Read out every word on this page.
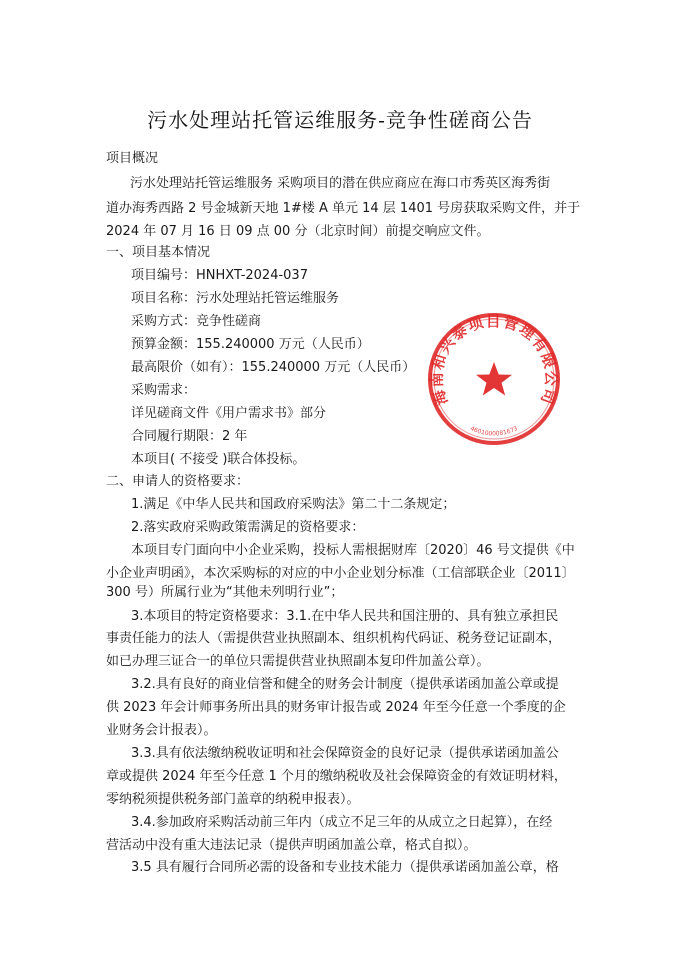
污水处理站托管运维服务-竞争性磋商公告
项目概况
污水处理站托管运维服务 采购项目的潜在供应商应在海口市秀英区海秀街
道办海秀西路 2 号金城新天地 1#楼 A 单元 14 层 1401 号房获取采购文件，并于
2024 年 07 月 16 日 09 点 00 分（北京时间）前提交响应文件。
一、项目基本情况
项目编号：HNHXT-2024-037
项目名称：污水处理站托管运维服务
采购方式：竞争性磋商
预算金额：155.240000 万元（人民币）
最高限价（如有）：155.240000 万元（人民币）
采购需求：
详见磋商文件《用户需求书》部分
合同履行期限：2 年
本项目( 不接受 )联合体投标。
二、申请人的资格要求：
1.满足《中华人民共和国政府采购法》第二十二条规定；
2.落实政府采购政策需满足的资格要求：
本项目专门面向中小企业采购，投标人需根据财库〔2020〕46 号文提供《中
小企业声明函》，本次采购标的对应的中小企业划分标准（工信部联企业〔2011〕
300 号）所属行业为“其他未列明行业”；
3.本项目的特定资格要求：3.1.在中华人民共和国注册的、具有独立承担民
事责任能力的法人（需提供营业执照副本、组织机构代码证、税务登记证副本，
如已办理三证合一的单位只需提供营业执照副本复印件加盖公章）。
3.2.具有良好的商业信誉和健全的财务会计制度（提供承诺函加盖公章或提
供 2023 年会计师事务所出具的财务审计报告或 2024 年至今任意一个季度的企
业财务会计报表）。
3.3.具有依法缴纳税收证明和社会保障资金的良好记录（提供承诺函加盖公
章或提供 2024 年至今任意 1 个月的缴纳税收及社会保障资金的有效证明材料，
零纳税须提供税务部门盖章的纳税申报表）。
3.4.参加政府采购活动前三年内（成立不足三年的从成立之日起算），在经
营活动中没有重大违法记录（提供声明函加盖公章，格式自拟）。
3.5 具有履行合同所必需的设备和专业技术能力（提供承诺函加盖公章，格
海南和兴泰项目管理有限公司
4601000081673
